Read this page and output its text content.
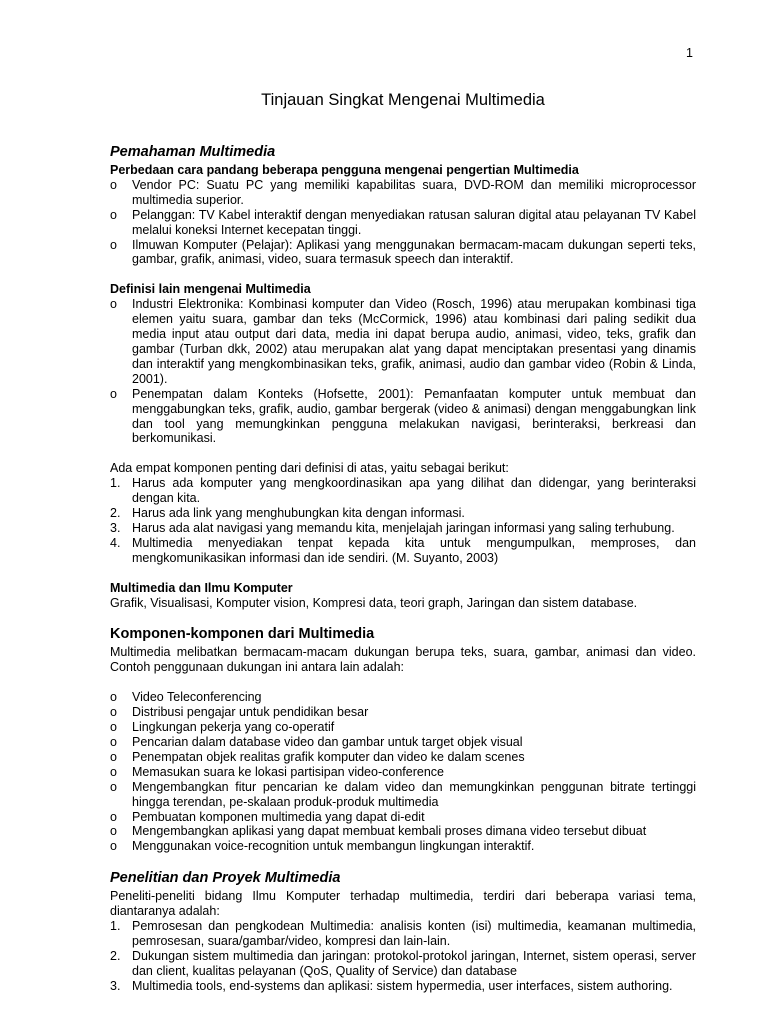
1
Tinjauan Singkat Mengenai Multimedia
Pemahaman Multimedia
Perbedaan cara pandang beberapa pengguna mengenai pengertian Multimedia
o Vendor PC: Suatu PC yang memiliki kapabilitas suara, DVD-ROM dan memiliki microprocessor multimedia superior.
o Pelanggan: TV Kabel interaktif dengan menyediakan ratusan saluran digital atau pelayanan TV Kabel melalui koneksi Internet kecepatan tinggi.
o Ilmuwan Komputer (Pelajar): Aplikasi yang menggunakan bermacam-macam dukungan seperti teks, gambar, grafik, animasi, video, suara termasuk speech dan interaktif.
Definisi lain mengenai Multimedia
o Industri Elektronika: Kombinasi komputer dan Video (Rosch, 1996) atau merupakan kombinasi tiga elemen yaitu suara, gambar dan teks (McCormick, 1996) atau kombinasi dari paling sedikit dua media input atau output dari data, media ini dapat berupa audio, animasi, video, teks, grafik dan gambar (Turban dkk, 2002) atau merupakan alat yang dapat menciptakan presentasi yang dinamis dan interaktif yang mengkombinasikan teks, grafik, animasi, audio dan gambar video (Robin & Linda, 2001).
o Penempatan dalam Konteks (Hofsette, 2001): Pemanfaatan komputer untuk membuat dan menggabungkan teks, grafik, audio, gambar bergerak (video & animasi) dengan menggabungkan link dan tool yang memungkinkan pengguna melakukan navigasi, berinteraksi, berkreasi dan berkomunikasi.

Ada empat komponen penting dari definisi di atas, yaitu sebagai berikut:

1. Harus ada komputer yang mengkoordinasikan apa yang dilihat dan didengar, yang berinteraksi dengan kita.
2. Harus ada link yang menghubungkan kita dengan informasi.
3. Harus ada alat navigasi yang memandu kita, menjelajah jaringan informasi yang saling terhubung.
4. Multimedia menyediakan tenpat kepada kita untuk mengumpulkan, memproses, dan mengkomunikasikan informasi dan ide sendiri. (M. Suyanto, 2003)
Multimedia dan Ilmu Komputer

Grafik, Visualisasi, Komputer vision, Kompresi data, teori graph, Jaringan dan sistem database.

Komponen-komponen dari Multimedia

Multimedia melibatkan bermacam-macam dukungan berupa teks, suara, gambar, animasi dan video. Contoh penggunaan dukungan ini antara lain adalah:

o Video Teleconferencing
o Distribusi pengajar untuk pendidikan besar
o Lingkungan pekerja yang co-operatif
o Pencarian dalam database video dan gambar untuk target objek visual
o Penempatan objek realitas grafik komputer dan video ke dalam scenes
o Memasukan suara ke lokasi partisipan video-conference
o Mengembangkan fitur pencarian ke dalam video dan memungkinkan penggunan bitrate tertinggi hingga terendan, pe-skalaan produk-produk multimedia
o Pembuatan komponen multimedia yang dapat di-edit
o Mengembangkan aplikasi yang dapat membuat kembali proses dimana video tersebut dibuat
o Menggunakan voice-recognition untuk membangun lingkungan interaktif.
Penelitian dan Proyek Multimedia

Peneliti-peneliti bidang Ilmu Komputer terhadap multimedia, terdiri dari beberapa variasi tema, diantaranya adalah:

1. Pemrosesan dan pengkodean Multimedia: analisis konten (isi) multimedia, keamanan multimedia, pemrosesan, suara/gambar/video, kompresi dan lain-lain.
2. Dukungan sistem multimedia dan jaringan: protokol-protokol jaringan, Internet, sistem operasi, server dan client, kualitas pelayanan (QoS, Quality of Service) dan database
3. Multimedia tools, end-systems dan aplikasi: sistem hypermedia, user interfaces, sistem authoring.
